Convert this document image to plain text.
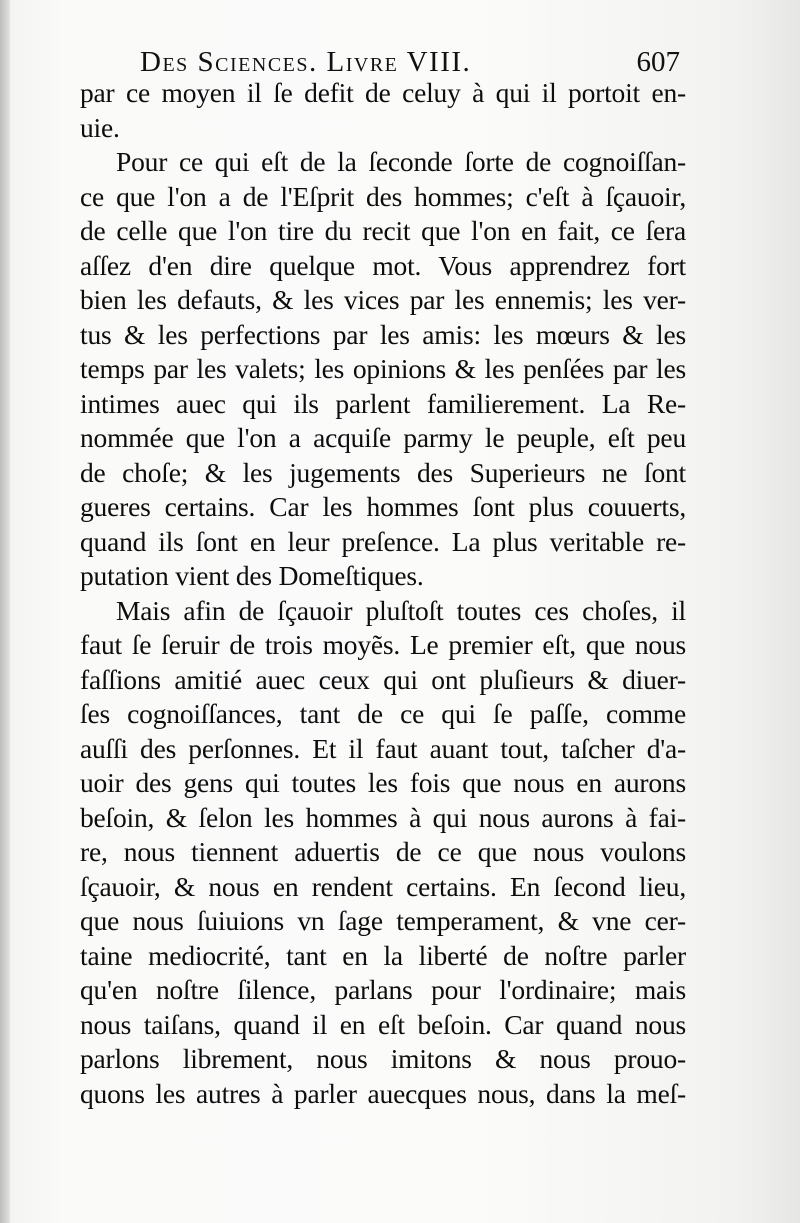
Des Sciences. Livre VIII.	607
par ce moyen il ſe defit de celuy à qui il portoit en-
uie.
Pour ce qui eſt de la ſeconde ſorte de cognoiſſan-
ce que l'on a de l'Eſprit des hommes; c'eſt à ſçauoir,
de celle que l'on tire du recit que l'on en fait, ce ſera
aſſez d'en dire quelque mot. Vous apprendrez fort
bien les defauts, & les vices par les ennemis; les ver-
tus & les perfections par les amis: les mœurs & les
temps par les valets; les opinions & les penſées par les
intimes auec qui ils parlent familierement. La Re-
nommée que l'on a acquiſe parmy le peuple, eſt peu
de choſe; & les jugements des Superieurs ne ſont
gueres certains. Car les hommes ſont plus couuerts,
quand ils ſont en leur preſence. La plus veritable re-
putation vient des Domeſtiques.
Mais afin de ſçauoir pluſtoſt toutes ces choſes, il
faut ſe ſeruir de trois moyẽs. Le premier eſt, que nous
faſſions amitié auec ceux qui ont pluſieurs & diuer-
ſes cognoiſſances, tant de ce qui ſe paſſe, comme
auſſi des perſonnes. Et il faut auant tout, taſcher d'a-
uoir des gens qui toutes les fois que nous en aurons
beſoin, & ſelon les hommes à qui nous aurons à fai-
re, nous tiennent aduertis de ce que nous voulons
ſçauoir, & nous en rendent certains. En ſecond lieu,
que nous ſuiuions vn ſage temperament, & vne cer-
taine mediocrité, tant en la liberté de noſtre parler
qu'en noſtre ſilence, parlans pour l'ordinaire; mais
nous taiſans, quand il en eſt beſoin. Car quand nous
parlons librement, nous imitons & nous prouo-
quons les autres à parler auecques nous, dans la meſ-
